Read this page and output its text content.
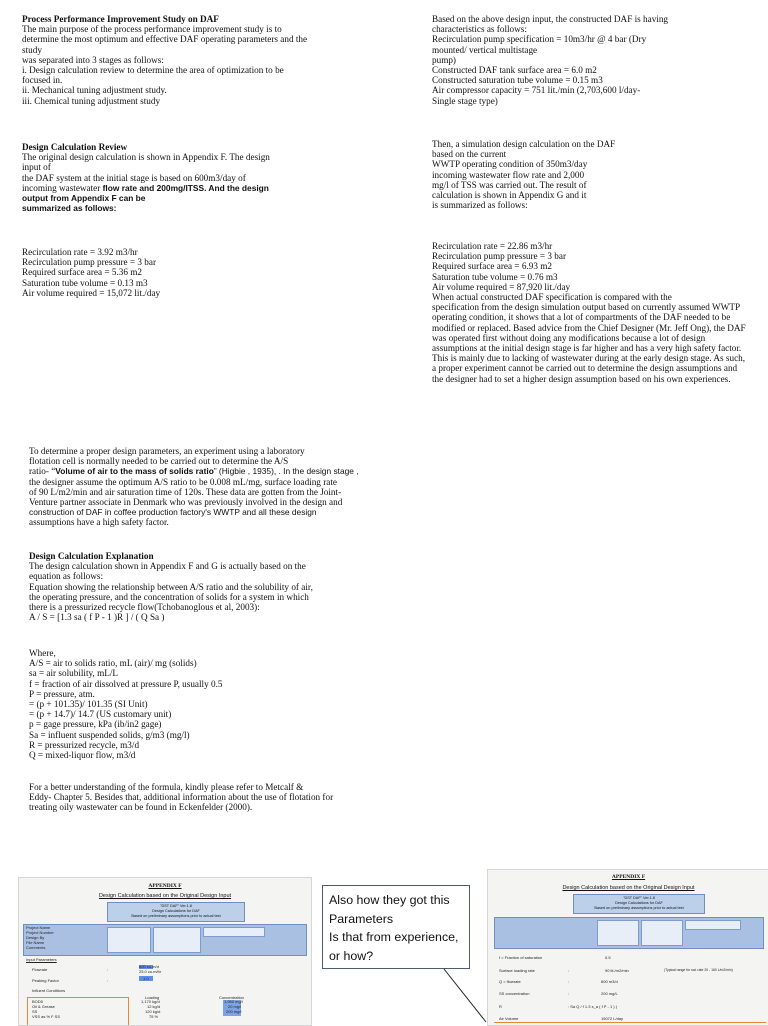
Process Performance Improvement Study on DAF
The main purpose of the process performance improvement study is to
determine the most optimum and effective DAF operating parameters and the
study
was separated into 3 stages as follows:
i. Design calculation review to determine the area of optimization to be
focused in.
ii. Mechanical tuning adjustment study.
iii. Chemical tuning adjustment study
Design Calculation Review
The original design calculation is shown in Appendix F. The design
input of
the DAF system at the initial stage is based on 600m3/day of
incoming wastewater flow rate and 200mg/lTSS. And the design
output from Appendix F can be
summarized as follows:
Recirculation rate = 3.92 m3/hr
Recirculation pump pressure = 3 bar
Required surface area = 5.36 m2
Saturation tube volume = 0.13 m3
Air volume required = 15,072 lit./day
Based on the above design input, the constructed DAF is having
characteristics as follows:
Recirculation pump specification = 10m3/hr @ 4 bar (Dry
mounted/ vertical multistage
pump)
Constructed DAF tank surface area = 6.0 m2
Constructed saturation tube volume = 0.15 m3
Air compressor capacity = 751 lit./min (2,703,600 l/day-
Single stage type)
Then, a simulation design calculation on the DAF
based on the current
WWTP operating condition of 350m3/day
incoming wastewater flow rate and 2,000
mg/l of TSS was carried out. The result of
calculation is shown in Appendix G and it
is summarized as follows:
Recirculation rate = 22.86 m3/hr
Recirculation pump pressure = 3 bar
Required surface area = 6.93 m2
Saturation tube volume = 0.76 m3
Air volume required = 87,920 lit./day
When actual constructed DAF specification is compared with the
specification from the design simulation output based on currently assumed WWTP
operating condition, it shows that a lot of compartments of the DAF needed to be
modified or replaced. Based advice from the Chief Designer (Mr. Jeff Ong), the DAF
was operated first without doing any modifications because a lot of design
assumptions at the initial design stage is far higher and has a very high safety factor.
This is mainly due to lacking of wastewater during at the early design stage. As such,
a proper experiment cannot be carried out to determine the design assumptions and
the designer had to set a higher design assumption based on his own experiences.
To determine a proper design parameters, an experiment using a laboratory
flotation cell is normally needed to be carried out to determine the A/S
ratio- “Volume of air to the mass of solids ratio” (Higbie , 1935), . In the design stage ,
the designer assume the optimum A/S ratio to be 0.008 mL/mg, surface loading rate
of 90 L/m2/min and air saturation time of 120s. These data are gotten from the Joint-
Venture partner associate in Denmark who was previously involved in the design and
construction of DAF in coffee production factory's WWTP and all these design
assumptions have a high safety factor.
Design Calculation Explanation
The design calculation shown in Appendix F and G is actually based on the
equation as follows:
Equation showing the relationship between A/S ratio and the solubility of air,
the operating pressure, and the concentration of solids for a system in which
there is a pressurized recycle flow(Tchobanoglous et al, 2003):
A / S = [1.3 sa ( f P - 1 )R ] / ( Q Sa )
Where,
A/S = air to solids ratio, mL (air)/ mg (solids)
sa = air solubility, mL/L
f = fraction of air dissolved at pressure P, usually 0.5
P = pressure, atm.
= (p + 101.35)/ 101.35 (SI Unit)
= (p + 14.7)/ 14.7 (US customary unit)
p = gage pressure, kPa (ib/in2 gage)
Sa = influent suspended solids, g/m3 (mg/l)
R = pressurized recycle, m3/d
Q = mixed-liquor flow, m3/d
For a better understanding of the formula, kindly please refer to Metcalf &
Eddy- Chapter 5. Besides that, additional information about the use of flotation for
treating oily wastewater can be found in Eckenfelder (2000).
APPENDIX F
Design Calculation based on the Original Design Input
"DST DAF" Ver.1.8
Design Calculations for DAF
Based on preliminary assumptions prior to actual test
Project Name
Project Number
Design By
File Name
Comments
Input Parameters
Flowrate	:
600 cu.m/d
25.0 cu.m/hr
Peaking Factor	:	1.0
Influent Conditions
Loading	Concentration
BOD5	1,170 kg/d	1,950 mg/l
Oil & Grease	12 kg/d	20 mg/l
SS	120 kg/d	200 mg/l
VSS as % F SS	75 %
Also how they got this
Parameters
Is that from experience,
or how?
APPENDIX F
Design Calculation based on the Original Design Input
"DST DAF" Ver.1.8
Design Calculations for DAF
Based on preliminary assumptions prior to actual test
f = Fraction of saturation	0.5
Surface loading rate	:	90 lit./m2/min	(Typical range for sat. rate 20 - 160 L/m2/min)
Q = flowrate	:	600 m3/d
SS concentration	:	200 mg/L
R	: Sa Q / f 1.3 s_a ( f P - 1 ) )
Air Volume	15072 L/day
